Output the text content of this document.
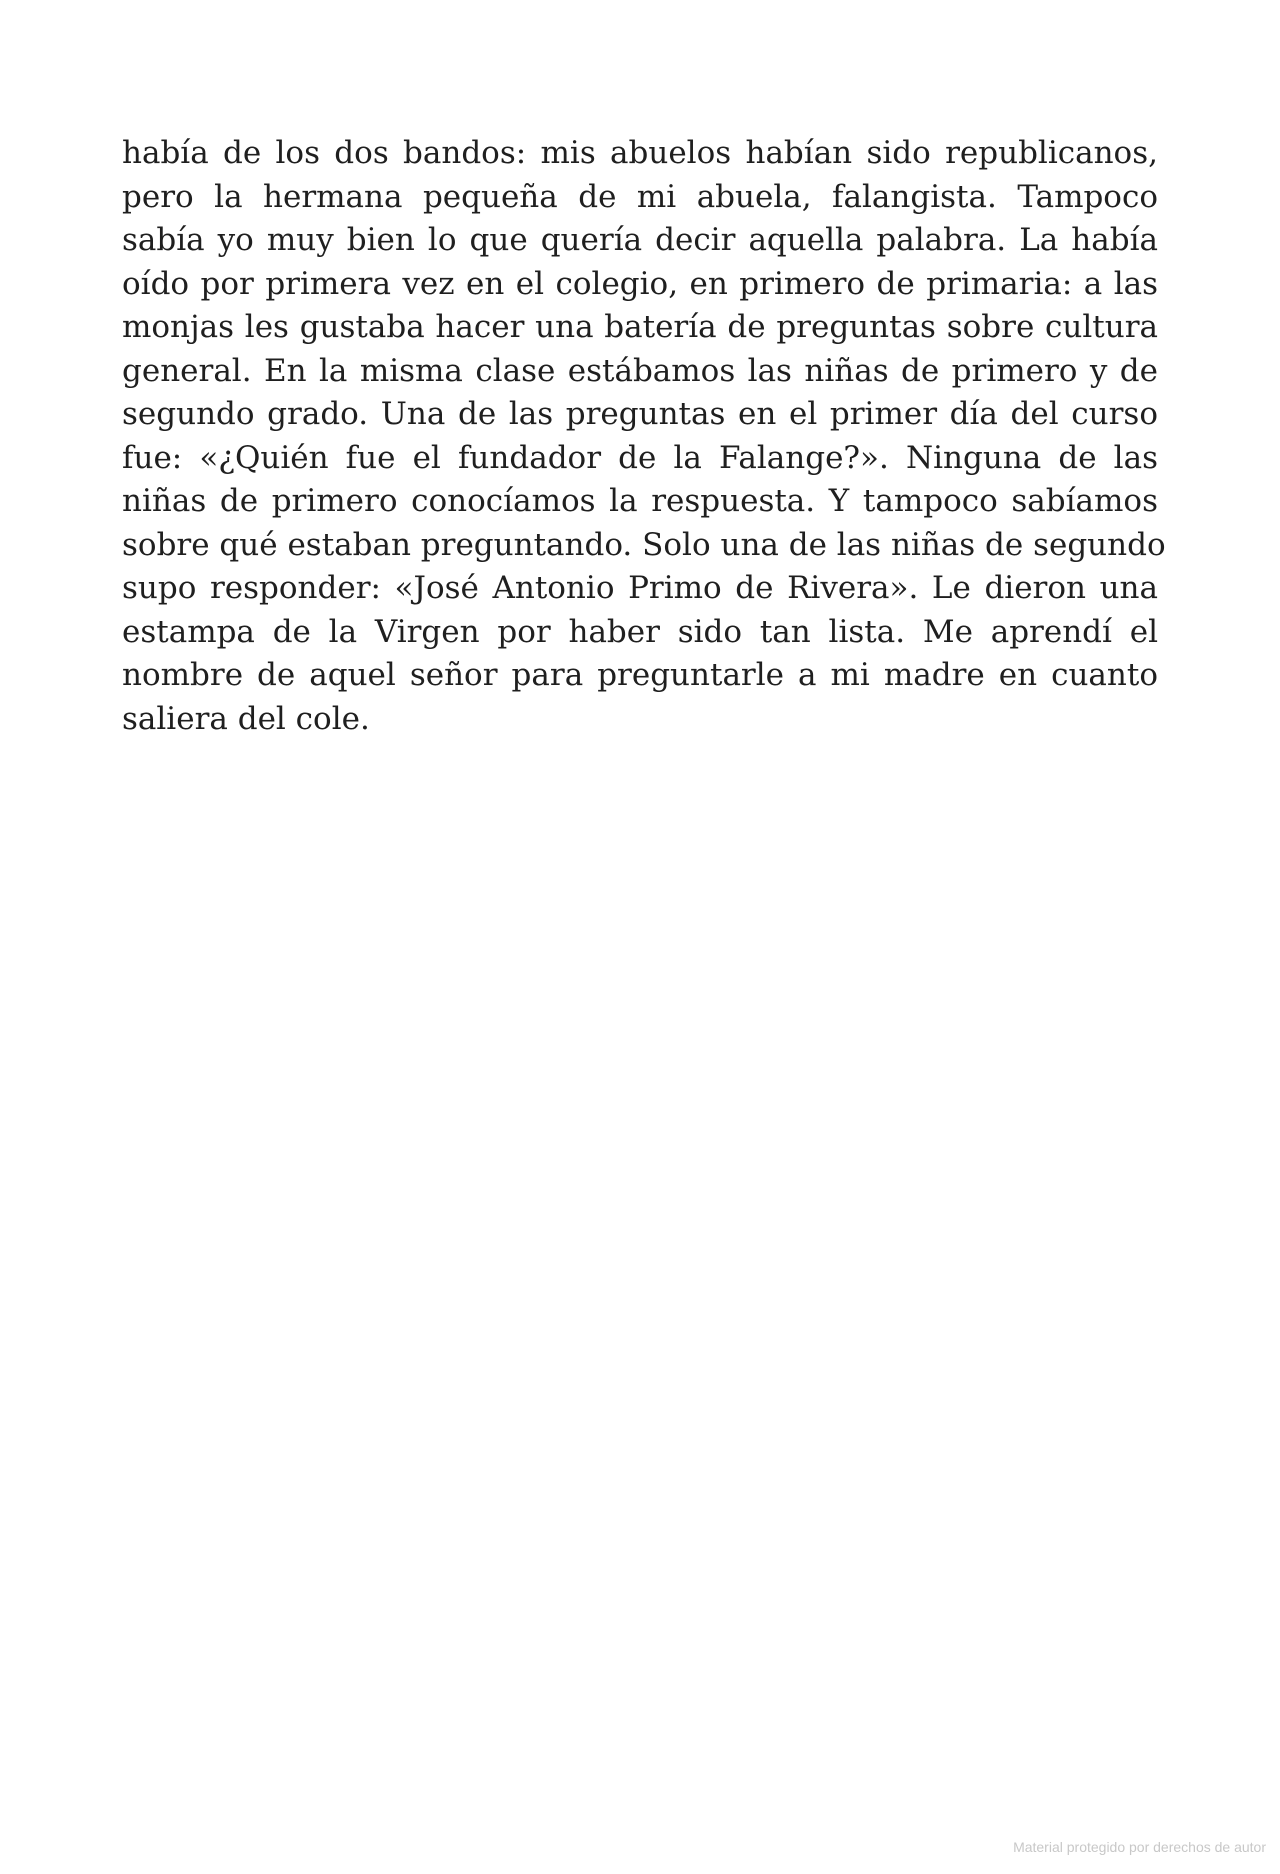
había de los dos bandos: mis abuelos habían sido republicanos,
pero la hermana pequeña de mi abuela, falangista. Tampoco
sabía yo muy bien lo que quería decir aquella palabra. La había
oído por primera vez en el colegio, en primero de primaria: a las
monjas les gustaba hacer una batería de preguntas sobre cultura
general. En la misma clase estábamos las niñas de primero y de
segundo grado. Una de las preguntas en el primer día del curso
fue: «¿Quién fue el fundador de la Falange?». Ninguna de las
niñas de primero conocíamos la respuesta. Y tampoco sabíamos
sobre qué estaban preguntando. Solo una de las niñas de segundo
supo responder: «José Antonio Primo de Rivera». Le dieron una
estampa de la Virgen por haber sido tan lista. Me aprendí el
nombre de aquel señor para preguntarle a mi madre en cuanto
saliera del cole.
Material protegido por derechos de autor
